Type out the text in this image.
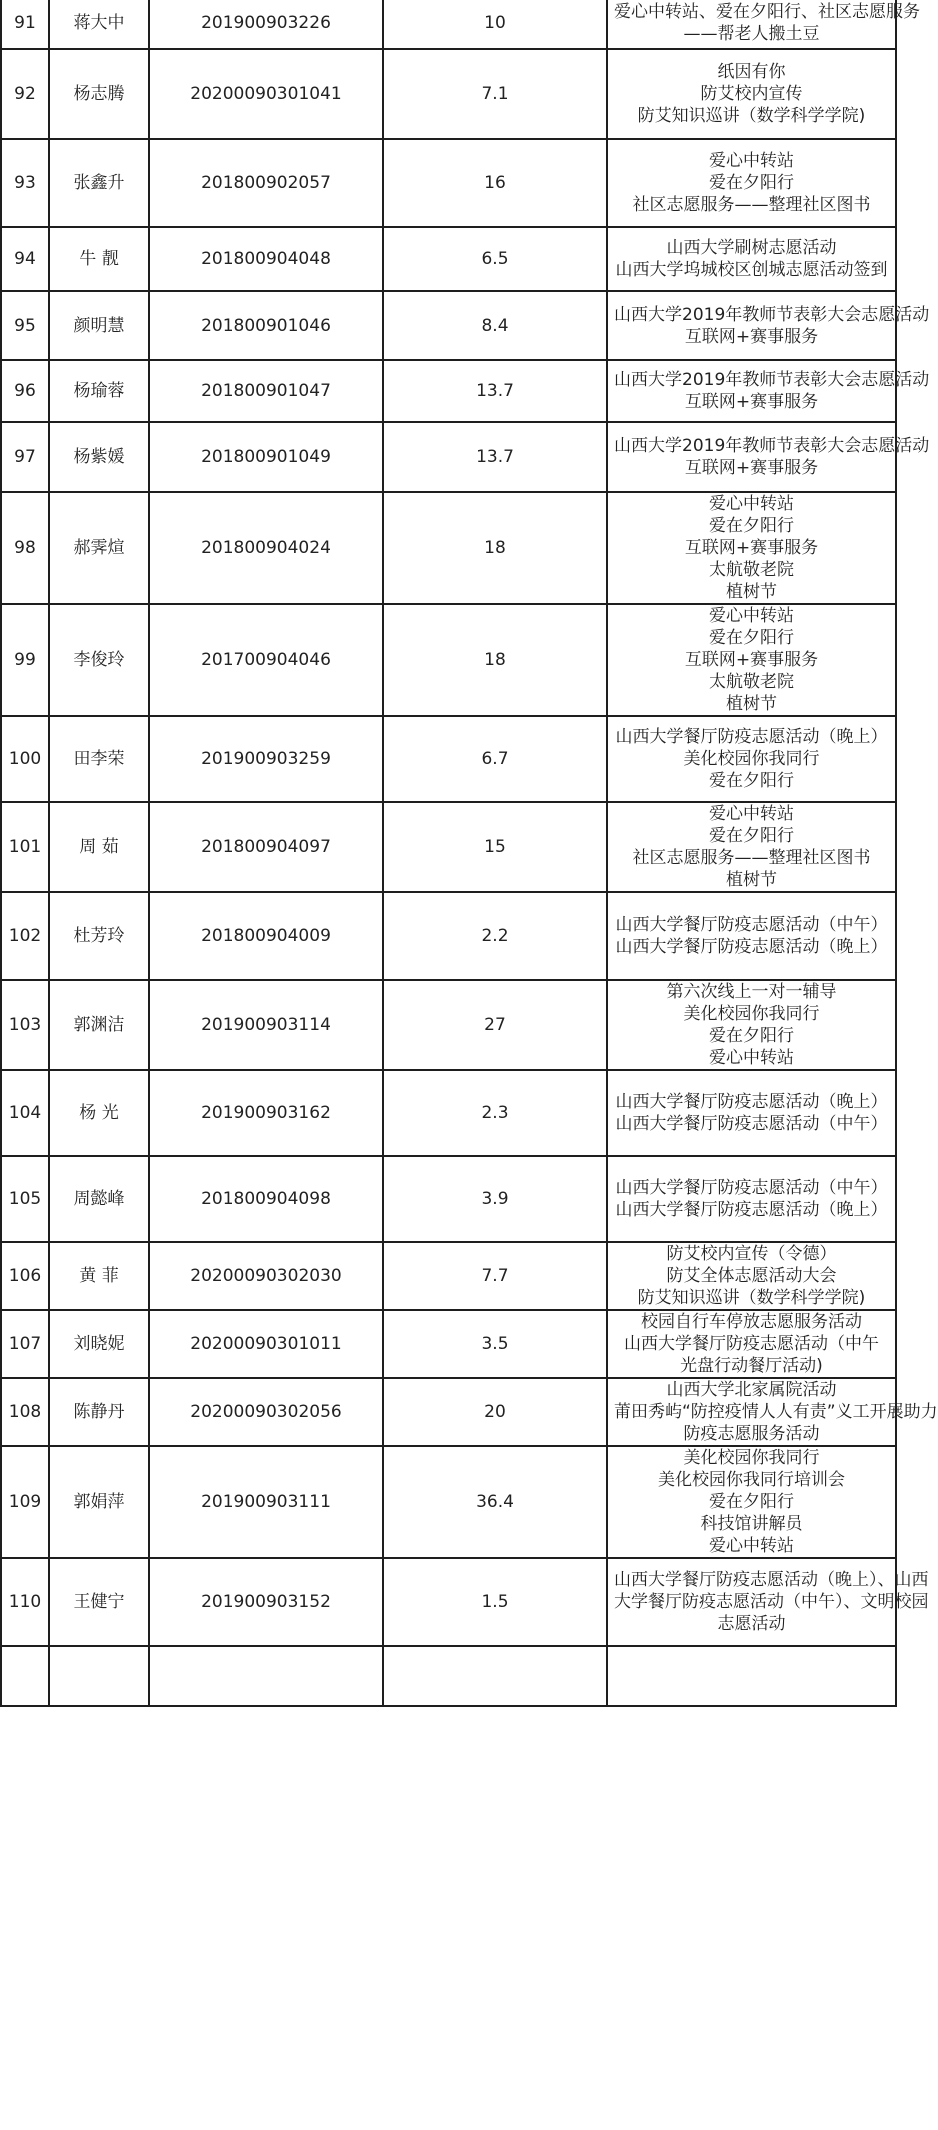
91	蒋大中	201900903226	10	爱心中转站、爱在夕阳行、社区志愿服务
——帮老人搬土豆

92	杨志腾	20200090301041	7.1	纸因有你
防艾校内宣传
防艾知识巡讲（数学科学学院)

93	张鑫升	201800902057	16	爱心中转站
爱在夕阳行
社区志愿服务——整理社区图书

94	牛 靓	201800904048	6.5	山西大学刷树志愿活动
山西大学坞城校区创城志愿活动签到

95	颜明慧	201800901046	8.4	山西大学2019年教师节表彰大会志愿活动
互联网+赛事服务

96	杨瑜蓉	201800901047	13.7	山西大学2019年教师节表彰大会志愿活动
互联网+赛事服务

97	杨紫媛	201800901049	13.7	山西大学2019年教师节表彰大会志愿活动
互联网+赛事服务

98	郝霁煊	201800904024	18	爱心中转站
爱在夕阳行
互联网+赛事服务
太航敬老院
植树节

99	李俊玲	201700904046	18	爱心中转站
爱在夕阳行
互联网+赛事服务
太航敬老院
植树节

100	田李荣	201900903259	6.7	山西大学餐厅防疫志愿活动（晚上）
美化校园你我同行
爱在夕阳行

101	周 茹	201800904097	15	爱心中转站
爱在夕阳行
社区志愿服务——整理社区图书
植树节

102	杜芳玲	201800904009	2.2	山西大学餐厅防疫志愿活动（中午）
山西大学餐厅防疫志愿活动（晚上）

103	郭渊洁	201900903114	27	第六次线上一对一辅导
美化校园你我同行
爱在夕阳行
爱心中转站

104	杨 光	201900903162	2.3	山西大学餐厅防疫志愿活动（晚上）
山西大学餐厅防疫志愿活动（中午）

105	周懿峰	201800904098	3.9	山西大学餐厅防疫志愿活动（中午）
山西大学餐厅防疫志愿活动（晚上）

106	黄 菲	20200090302030	7.7	防艾校内宣传（令德）
防艾全体志愿活动大会
防艾知识巡讲（数学科学学院)

107	刘晓妮	20200090301011	3.5	校园自行车停放志愿服务活动
山西大学餐厅防疫志愿活动（中午
光盘行动餐厅活动)

108	陈静丹	20200090302056	20	山西大学北家属院活动
莆田秀屿“防控疫情人人有责”义工开展助力
防疫志愿服务活动

109	郭娟萍	201900903111	36.4	美化校园你我同行
美化校园你我同行培训会
爱在夕阳行
科技馆讲解员
爱心中转站

110	王健宁	201900903152	1.5	山西大学餐厅防疫志愿活动（晚上）、山西
大学餐厅防疫志愿活动（中午）、文明校园
志愿活动
